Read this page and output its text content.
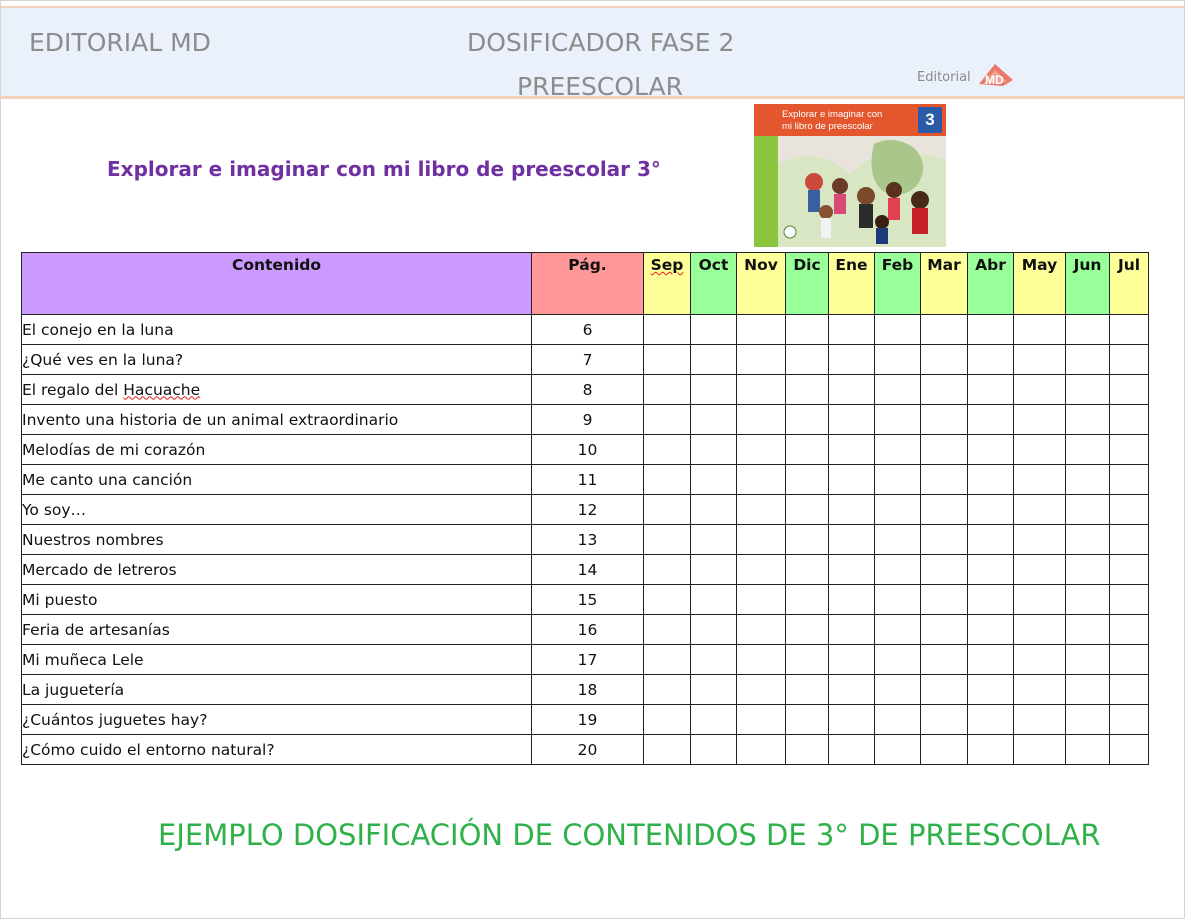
EDITORIAL MD	DOSIFICADOR FASE 2
PREESCOLAR	Editorial MD
Explorar e imaginar con mi libro de preescolar 3°
Explorar e imaginar con
mi libro de preescolar	3
Contenido	Pág.	Sep	Oct	Nov	Dic	Ene	Feb	Mar	Abr	May	Jun	Jul
El conejo en la luna	6											
¿Qué ves en la luna?	7											
El regalo del Hacuache	8											
Invento una historia de un animal extraordinario	9											
Melodías de mi corazón	10											
Me canto una canción	11											
Yo soy…	12											
Nuestros nombres	13											
Mercado de letreros	14											
Mi puesto	15											
Feria de artesanías	16											
Mi muñeca Lele	17											
La juguetería	18											
¿Cuántos juguetes hay?	19											
¿Cómo cuido el entorno natural?	20											
EJEMPLO DOSIFICACIÓN DE CONTENIDOS DE 3° DE PREESCOLAR
